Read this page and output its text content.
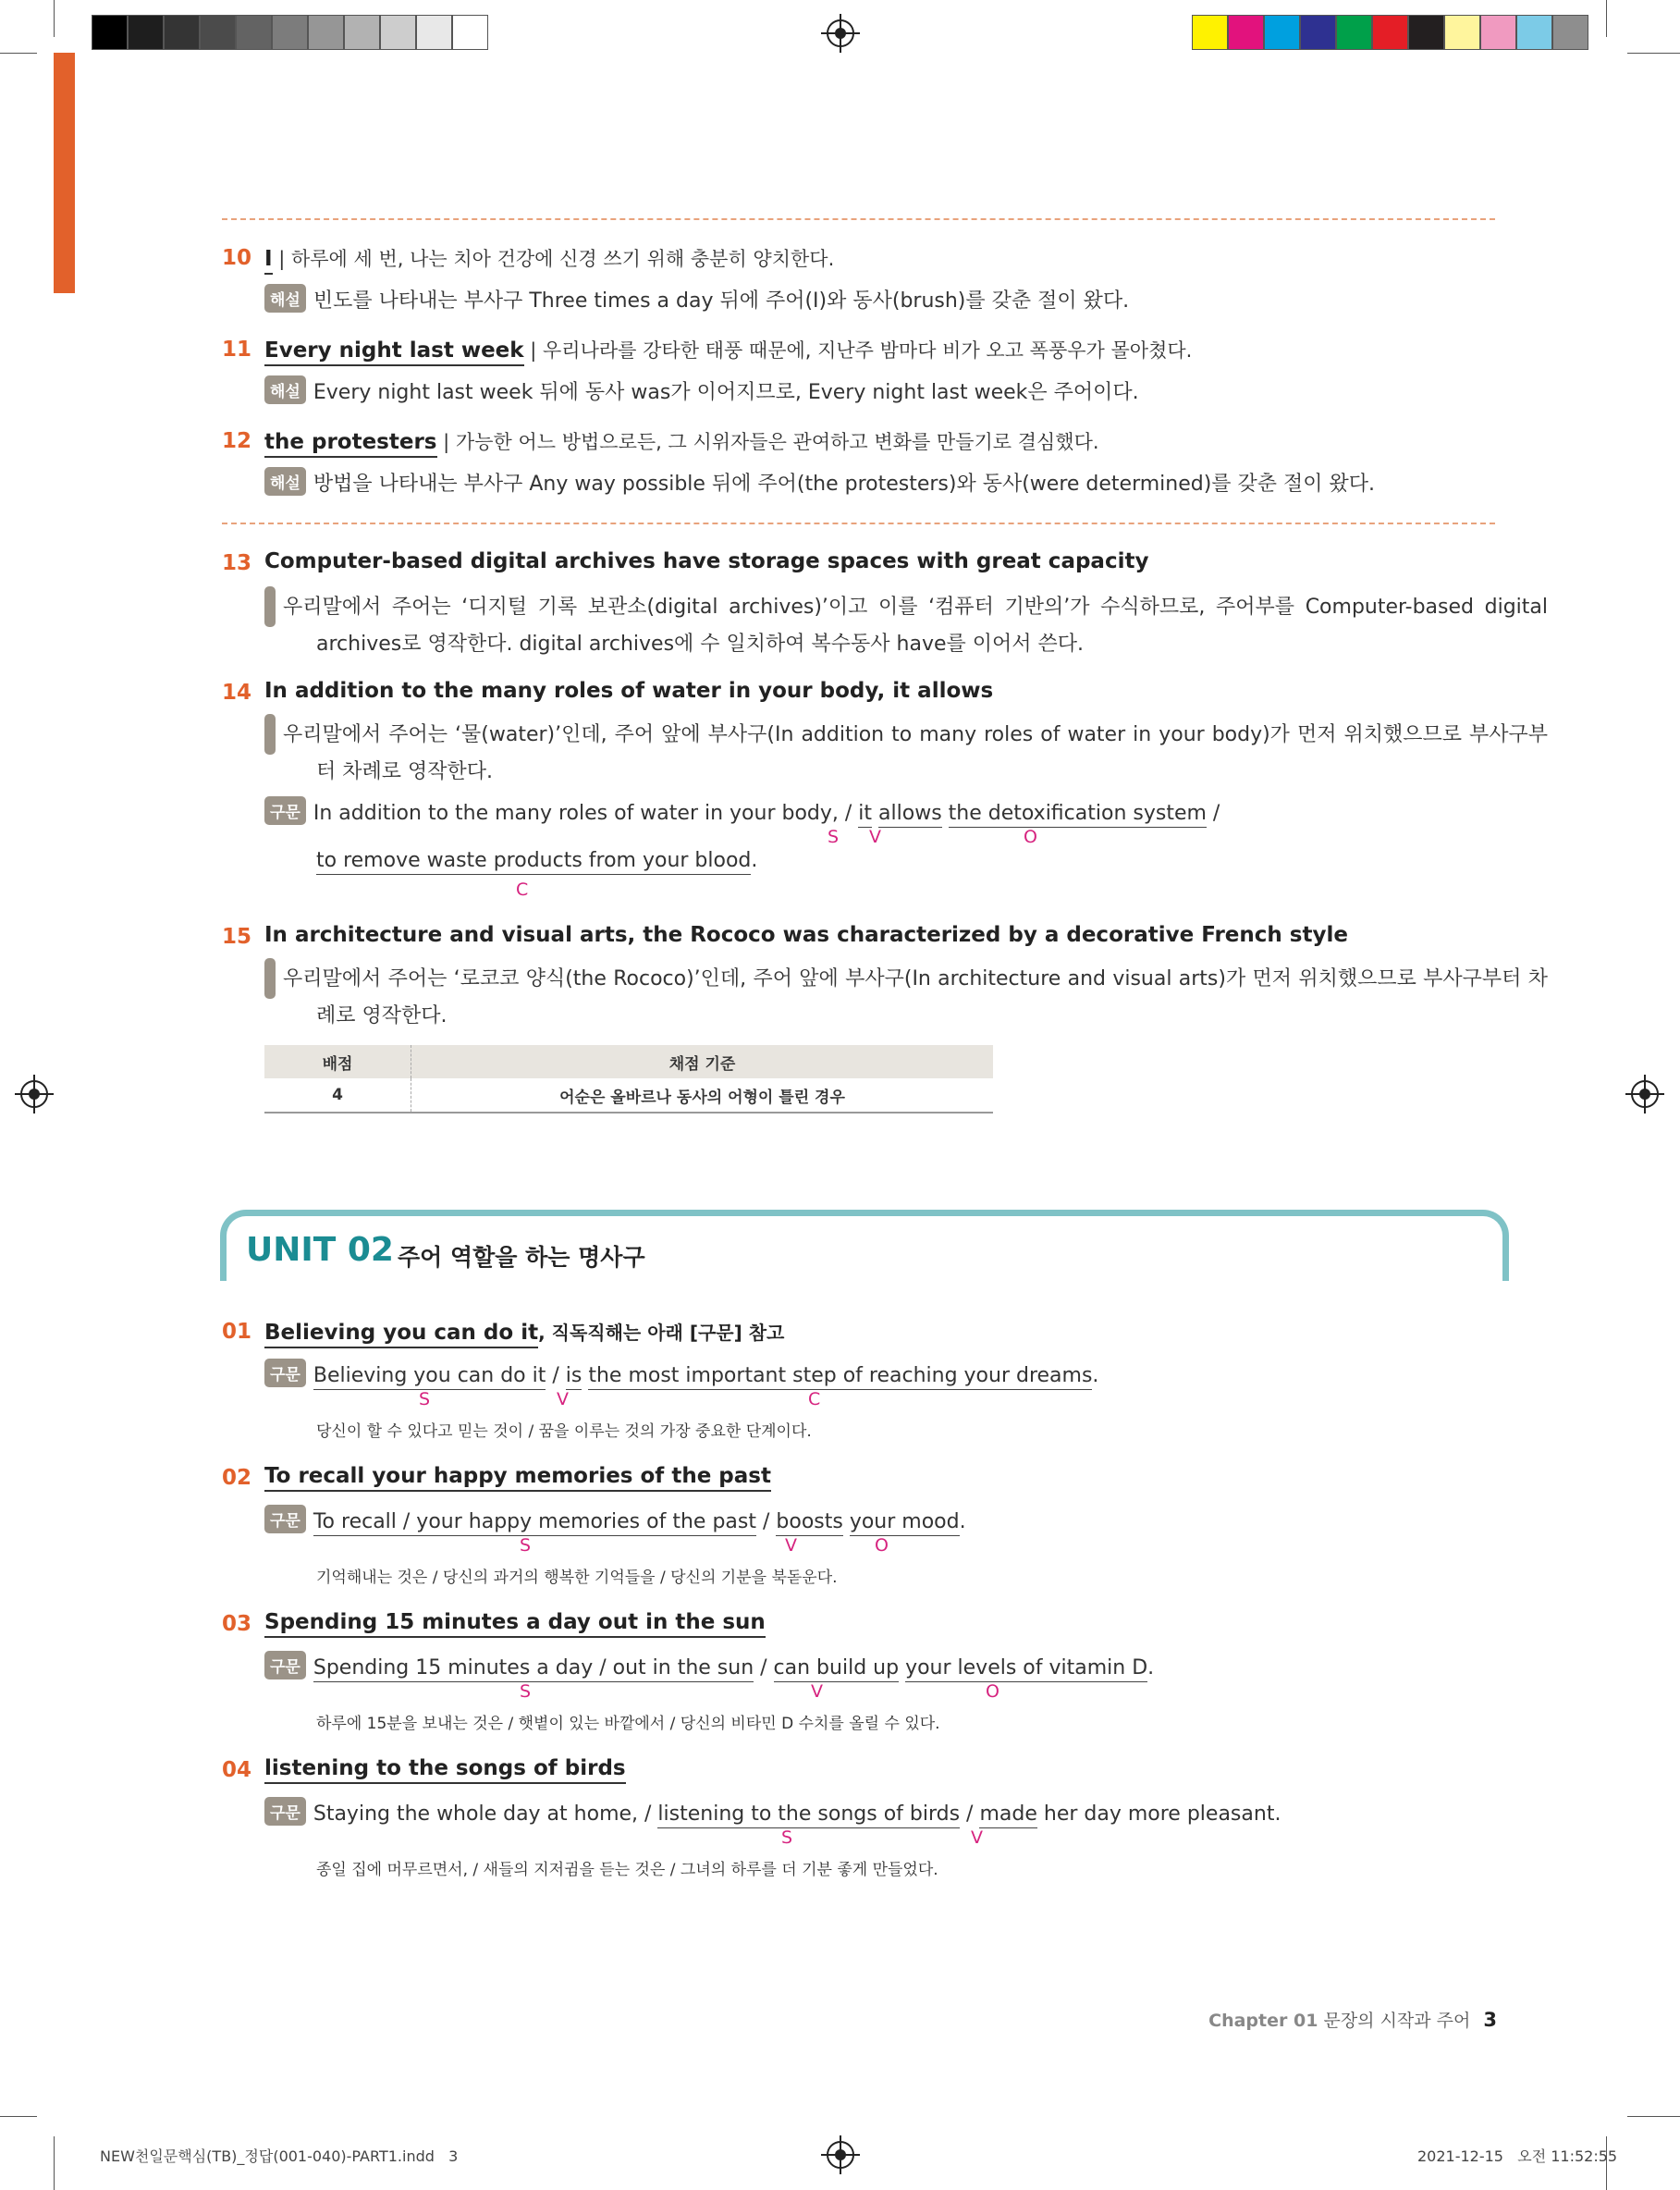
10 I | 하루에 세 번, 나는 치아 건강에 신경 쓰기 위해 충분히 양치한다.
해설 빈도를 나타내는 부사구 Three times a day 뒤에 주어(I)와 동사(brush)를 갖춘 절이 왔다.
11 Every night last week | 우리나라를 강타한 태풍 때문에, 지난주 밤마다 비가 오고 폭풍우가 몰아쳤다.
해설 Every night last week 뒤에 동사 was가 이어지므로, Every night last week은 주어이다.
12 the protesters | 가능한 어느 방법으로든, 그 시위자들은 관여하고 변화를 만들기로 결심했다.
해설 방법을 나타내는 부사구 Any way possible 뒤에 주어(the protesters)와 동사(were determined)를 갖춘 절이 왔다.
13 Computer-based digital archives have storage spaces with great capacity
해설 우리말에서 주어는 ‘디지털 기록 보관소(digital archives)’이고 이를 ‘컴퓨터 기반의’가 수식하므로, 주어부를 Computer-based digital archives로 영작한다. digital archives에 수 일치하여 복수동사 have를 이어서 쓴다.
14 In addition to the many roles of water in your body, it allows
해설 우리말에서 주어는 ‘물(water)’인데, 주어 앞에 부사구(In addition to many roles of water in your body)가 먼저 위치했으므로 부사구부터 차례로 영작한다.
구문 In addition to the many roles of water in your body, / it allows the detoxification system /
S V	O
to remove waste products from your blood.
C
15 In architecture and visual arts, the Rococo was characterized by a decorative French style
해설 우리말에서 주어는 ‘로코코 양식(the Rococo)’인데, 주어 앞에 부사구(In architecture and visual arts)가 먼저 위치했으므로 부사구부터 차례로 영작한다.
배점	채점 기준
4	어순은 올바르나 동사의 어형이 틀린 경우
UNIT 02 주어 역할을 하는 명사구
01 Believing you can do it, 직독직해는 아래 [구문] 참고
구문 Believing you can do it / is the most important step of reaching your dreams.
S	V	C
당신이 할 수 있다고 믿는 것이 / 꿈을 이루는 것의 가장 중요한 단계이다.
02 To recall your happy memories of the past
구문 To recall / your happy memories of the past / boosts your mood.
S	V	O
기억해내는 것은 / 당신의 과거의 행복한 기억들을 / 당신의 기분을 북돋운다.
03 Spending 15 minutes a day out in the sun
구문 Spending 15 minutes a day / out in the sun / can build up your levels of vitamin D.
S	V	O
하루에 15분을 보내는 것은 / 햇볕이 있는 바깥에서 / 당신의 비타민 D 수치를 올릴 수 있다.
04 listening to the songs of birds
구문 Staying the whole day at home, / listening to the songs of birds / made her day more pleasant.
S	V
종일 집에 머무르면서, / 새들의 지저귐을 듣는 것은 / 그녀의 하루를 더 기분 좋게 만들었다.
Chapter 01 문장의 시작과 주어 3
NEW천일문핵심(TB)_정답(001-040)-PART1.indd   3	2021-12-15   오전 11:52:55
